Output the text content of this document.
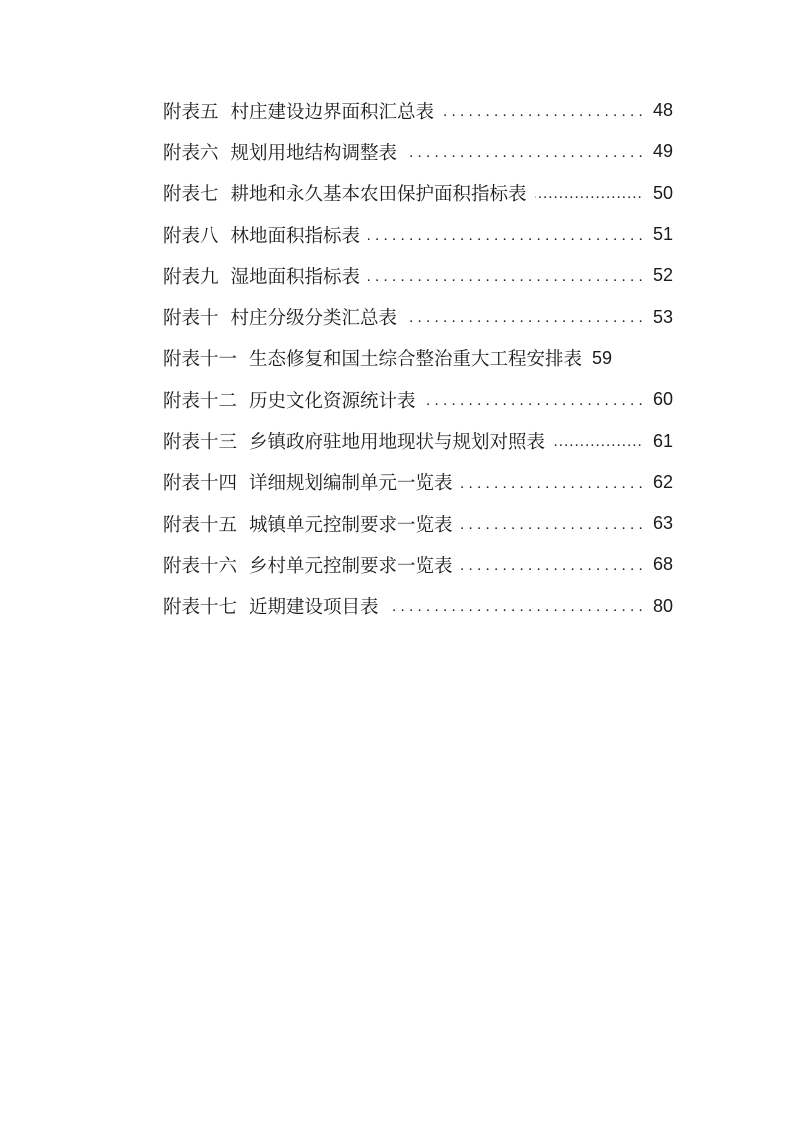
附表五 村庄建设边界面积汇总表 . . .	48
附表六 规划用地结构调整表 . . .	49
附表七 耕地和永久基本农田保护面积指标表 .....	50
附表八 林地面积指标表 . . .	51
附表九 湿地面积指标表 . . .	52
附表十 村庄分级分类汇总表 . . .	53
附表十一 生态修复和国土综合整治重大工程安排表 59
附表十二 历史文化资源统计表 . . .	60
附表十三 乡镇政府驻地用地现状与规划对照表 .....	61
附表十四 详细规划编制单元一览表 . . .	62
附表十五 城镇单元控制要求一览表 . . .	63
附表十六 乡村单元控制要求一览表 . . .	68
附表十七 近期建设项目表 . . .	80
